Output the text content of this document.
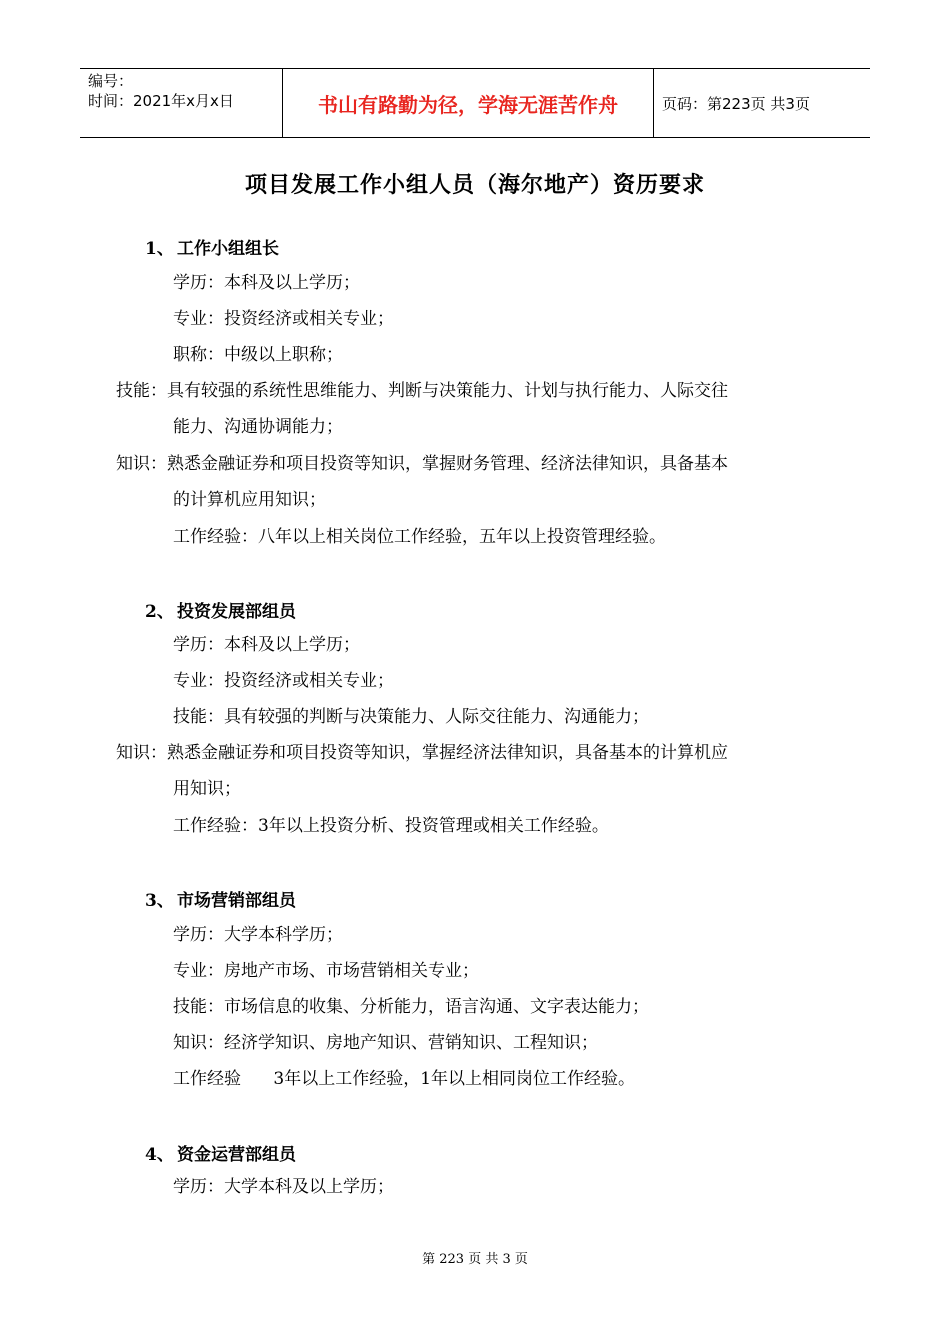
编号：
时间：2021年x月x日	书山有路勤为径，学海无涯苦作舟	页码：第223页 共3页
项目发展工作小组人员（海尔地产）资历要求
1、 工作小组组长
学历：本科及以上学历；
专业：投资经济或相关专业；
职称：中级以上职称；
技能：具有较强的系统性思维能力、判断与决策能力、计划与执行能力、人际交往
能力、沟通协调能力；
知识：熟悉金融证券和项目投资等知识，掌握财务管理、经济法律知识，具备基本
的计算机应用知识；
工作经验：八年以上相关岗位工作经验，五年以上投资管理经验。
2、 投资发展部组员
学历：本科及以上学历；
专业：投资经济或相关专业；
技能：具有较强的判断与决策能力、人际交往能力、沟通能力；
知识：熟悉金融证券和项目投资等知识，掌握经济法律知识，具备基本的计算机应
用知识；
工作经验：3年以上投资分析、投资管理或相关工作经验。
3、 市场营销部组员
学历：大学本科学历；
专业：房地产市场、市场营销相关专业；
技能：市场信息的收集、分析能力，语言沟通、文字表达能力；
知识：经济学知识、房地产知识、营销知识、工程知识；
工作经验      3年以上工作经验，1年以上相同岗位工作经验。
4、 资金运营部组员
学历：大学本科及以上学历；
第 223 页 共 3 页
